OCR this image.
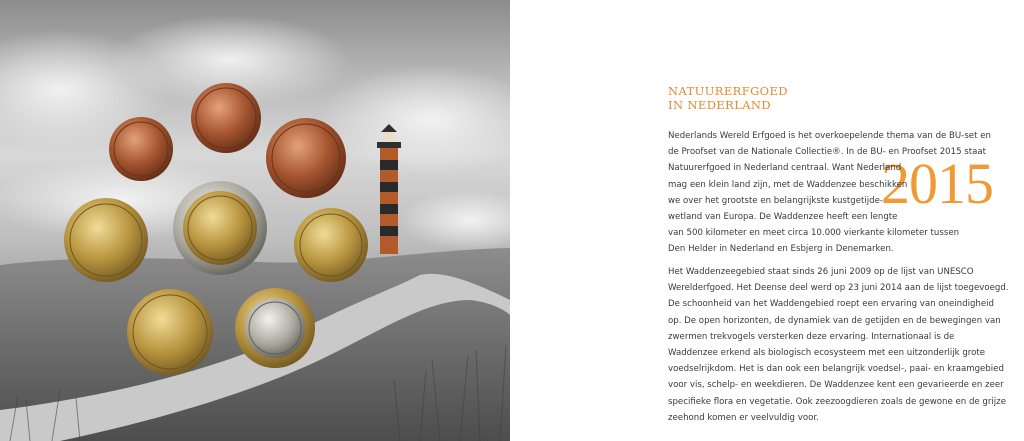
NATUURERFGOED
IN NEDERLAND
2015
Nederlands Wereld Erfgoed is het overkoepelende thema van de BU-set en
de Proofset van de Nationale Collectie®. In de BU- en Proofset 2015 staat
Natuurerfgoed in Nederland centraal. Want Nederland
mag een klein land zijn, met de Waddenzee beschikken
we over het grootste en belangrijkste kustgetijde-
wetland van Europa. De Waddenzee heeft een lengte
van 500 kilometer en meet circa 10.000 vierkante kilometer tussen
Den Helder in Nederland en Esbjerg in Denemarken.
Het Waddenzeegebied staat sinds 26 juni 2009 op de lijst van UNESCO
Werelderfgoed. Het Deense deel werd op 23 juni 2014 aan de lijst toegevoegd.
De schoonheid van het Waddengebied roept een ervaring van oneindigheid
op. De open horizonten, de dynamiek van de getijden en de bewegingen van
zwermen trekvogels versterken deze ervaring. Internationaal is de
Waddenzee erkend als biologisch ecosysteem met een uitzonderlijk grote
voedselrijkdom. Het is dan ook een belangrijk voedsel-, paai- en kraamgebied
voor vis, schelp- en weekdieren. De Waddenzee kent een gevarieerde en zeer
specifieke flora en vegetatie. Ook zeezoogdieren zoals de gewone en de grijze
zeehond komen er veelvuldig voor.
